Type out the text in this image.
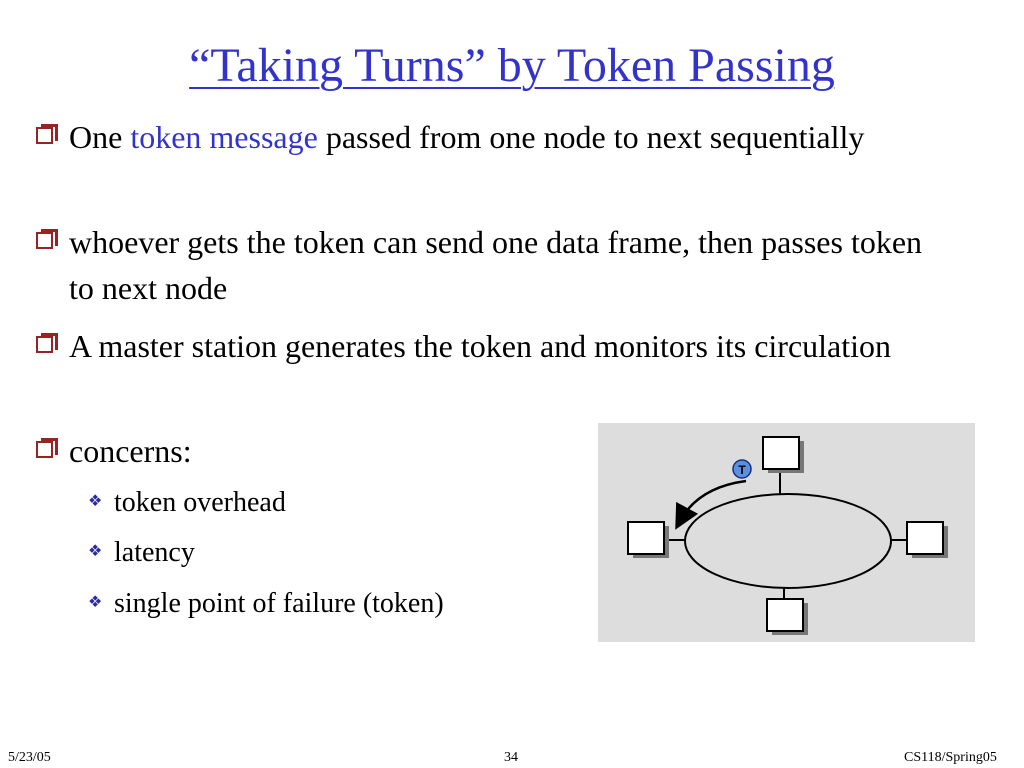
“Taking Turns” by Token Passing
One token message passed from one node to next sequentially
whoever gets the token can send one data frame, then passes token to next node
A master station generates the token and monitors its circulation
concerns:
❖ token overhead
❖ latency
❖ single point of failure (token)
T
5/23/05	34	CS118/Spring05
